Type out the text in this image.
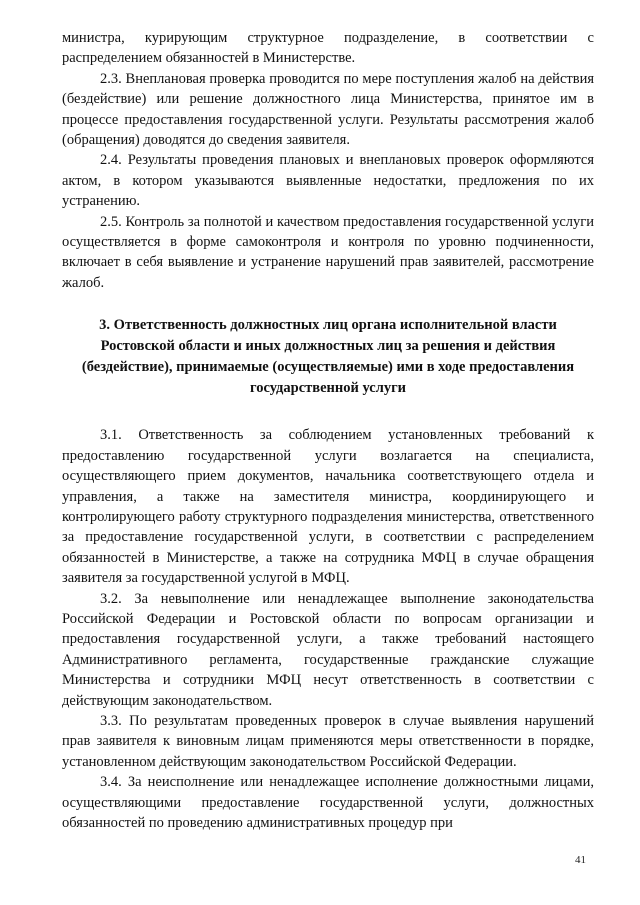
министра, курирующим структурное подразделение, в соответствии с распределением обязанностей в Министерстве.

2.3. Внеплановая проверка проводится по мере поступления жалоб на действия (бездействие) или решение должностного лица Министерства, принятое им в процессе предоставления государственной услуги. Результаты рассмотрения жалоб (обращения) доводятся до сведения заявителя.

2.4. Результаты проведения плановых и внеплановых проверок оформляются актом, в котором указываются выявленные недостатки, предложения по их устранению.

2.5. Контроль за полнотой и качеством предоставления государственной услуги осуществляется в форме самоконтроля и контроля по уровню подчиненности, включает в себя выявление и устранение нарушений прав заявителей, рассмотрение жалоб.

3. Ответственность должностных лиц органа исполнительной власти Ростовской области и иных должностных лиц за решения и действия (бездействие), принимаемые (осуществляемые) ими в ходе предоставления государственной услуги

3.1. Ответственность за соблюдением установленных требований к предоставлению государственной услуги возлагается на специалиста, осуществляющего прием документов, начальника соответствующего отдела и управления, а также на заместителя министра, координирующего и контролирующего работу структурного подразделения министерства, ответственного за предоставление государственной услуги, в соответствии с распределением обязанностей в Министерстве, а также на сотрудника МФЦ в случае обращения заявителя за государственной услугой в МФЦ.

3.2. За невыполнение или ненадлежащее выполнение законодательства Российской Федерации и Ростовской области по вопросам организации и предоставления государственной услуги, а также требований настоящего Административного регламента, государственные гражданские служащие Министерства и сотрудники МФЦ несут ответственность в соответствии с действующим законодательством.

3.3. По результатам проведенных проверок в случае выявления нарушений прав заявителя к виновным лицам применяются меры ответственности в порядке, установленном действующим законодательством Российской Федерации.

3.4. За неисполнение или ненадлежащее исполнение должностными лицами, осуществляющими предоставление государственной услуги, должностных обязанностей по проведению административных процедур при

41
